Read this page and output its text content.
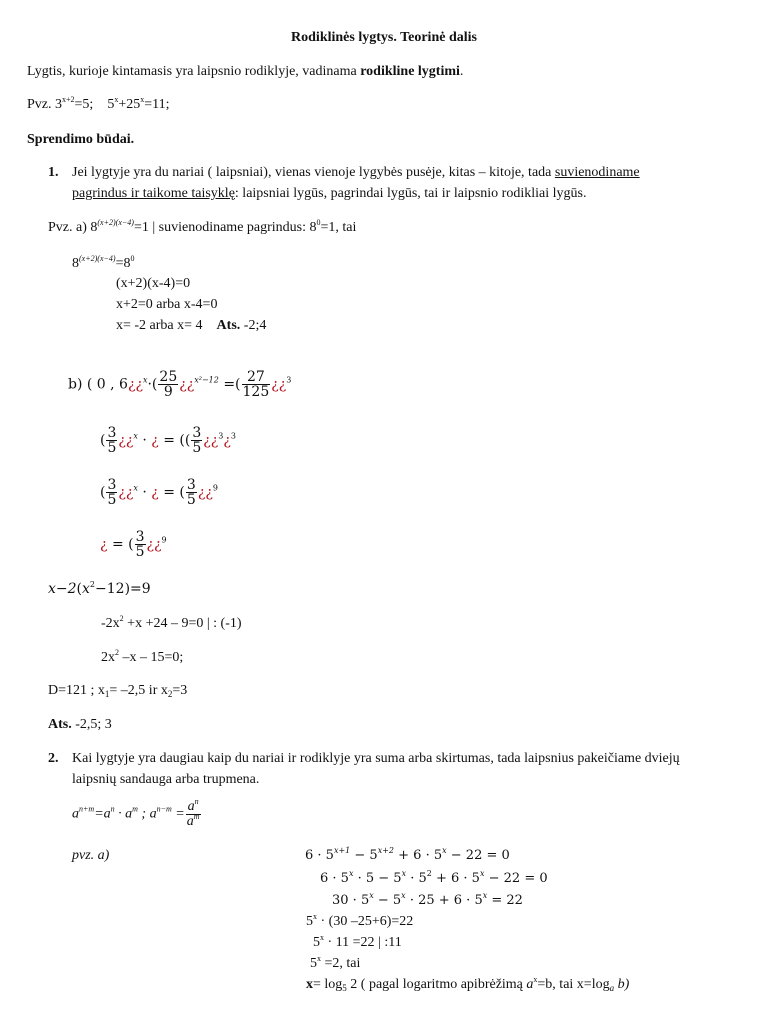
Rodiklinės lygtys. Teorinė dalis
Lygtis, kurioje kintamasis yra laipsnio rodiklyje, vadinama rodikline lygtimi.
Pvz. $3^{x+2}=5$; $5^x+25^x=11$;
Sprendimo būdai.
1. Jei lygtyje yra du nariai ( laipsniai), vienas vienoje lygybės pusėje, kitas – kitoje, tada suvienodiname
pagrindus ir taikome taisyklę: laipsniai lygūs, pagrindai lygūs, tai ir laipsnio rodikliai lygūs.
Pvz. a) $8^{(x+2)(x-4)}=1$ | suvienodiname pagrindus: $8^0=1$, tai
$8^{(x+2)(x-4)}=8^0$
(x+2)(x-4)=0
x+2=0 arba x-4=0
x= -2 arba x= 4 Ats. -2;4
b) ( 0 , 6¿¿$^x$·( $\frac{25}{9}$ ¿¿$^{x^2-12}$ =( $\frac{27}{125}$ ¿¿$^3$
( $\frac{3}{5}$ ¿¿$^x$ · ¿ = (( $\frac{3}{5}$ ¿¿$^3$¿$^3$
( $\frac{3}{5}$ ¿¿$^x$ · ¿ = ( $\frac{3}{5}$ ¿¿$^9$
¿ = ( $\frac{3}{5}$ ¿¿$^9$
$x-2(x^2-12)=9$
$-2x^2 +x +24 - 9=0$ | : (-1)
$2x^2$ –x – 15=0;
D=121 ; $x_1= -2,5$ ir $x_2=3$
Ats. -2,5; 3
2. Kai lygtyje yra daugiau kaip du nariai ir rodiklyje yra suma arba skirtumas, tada laipsnius pakeičiame dviejų
laipsnių sandauga arba trupmena.
$a^{n+m}=a^n \cdot a^m$ ; $a^{n-m} = \frac{a^n}{a^m}$
pvz. a)	$6 \cdot 5^{x+1} - 5^{x+2} + 6 \cdot 5^x - 22 = 0$
$6 \cdot 5^x \cdot 5 - 5^x \cdot 5^2 + 6 \cdot 5^x - 22 = 0$
$30 \cdot 5^x - 5^x \cdot 25 + 6 \cdot 5^x = 22$
$5^x \cdot (30$ –25+6)=22
$5^x \cdot 11 =22$ | :11
$5^x =2$, tai
$x= \log_5 2$ ( pagal logaritmo apibrėžimą $a^x=b$, tai $x=\log_a$ b)
